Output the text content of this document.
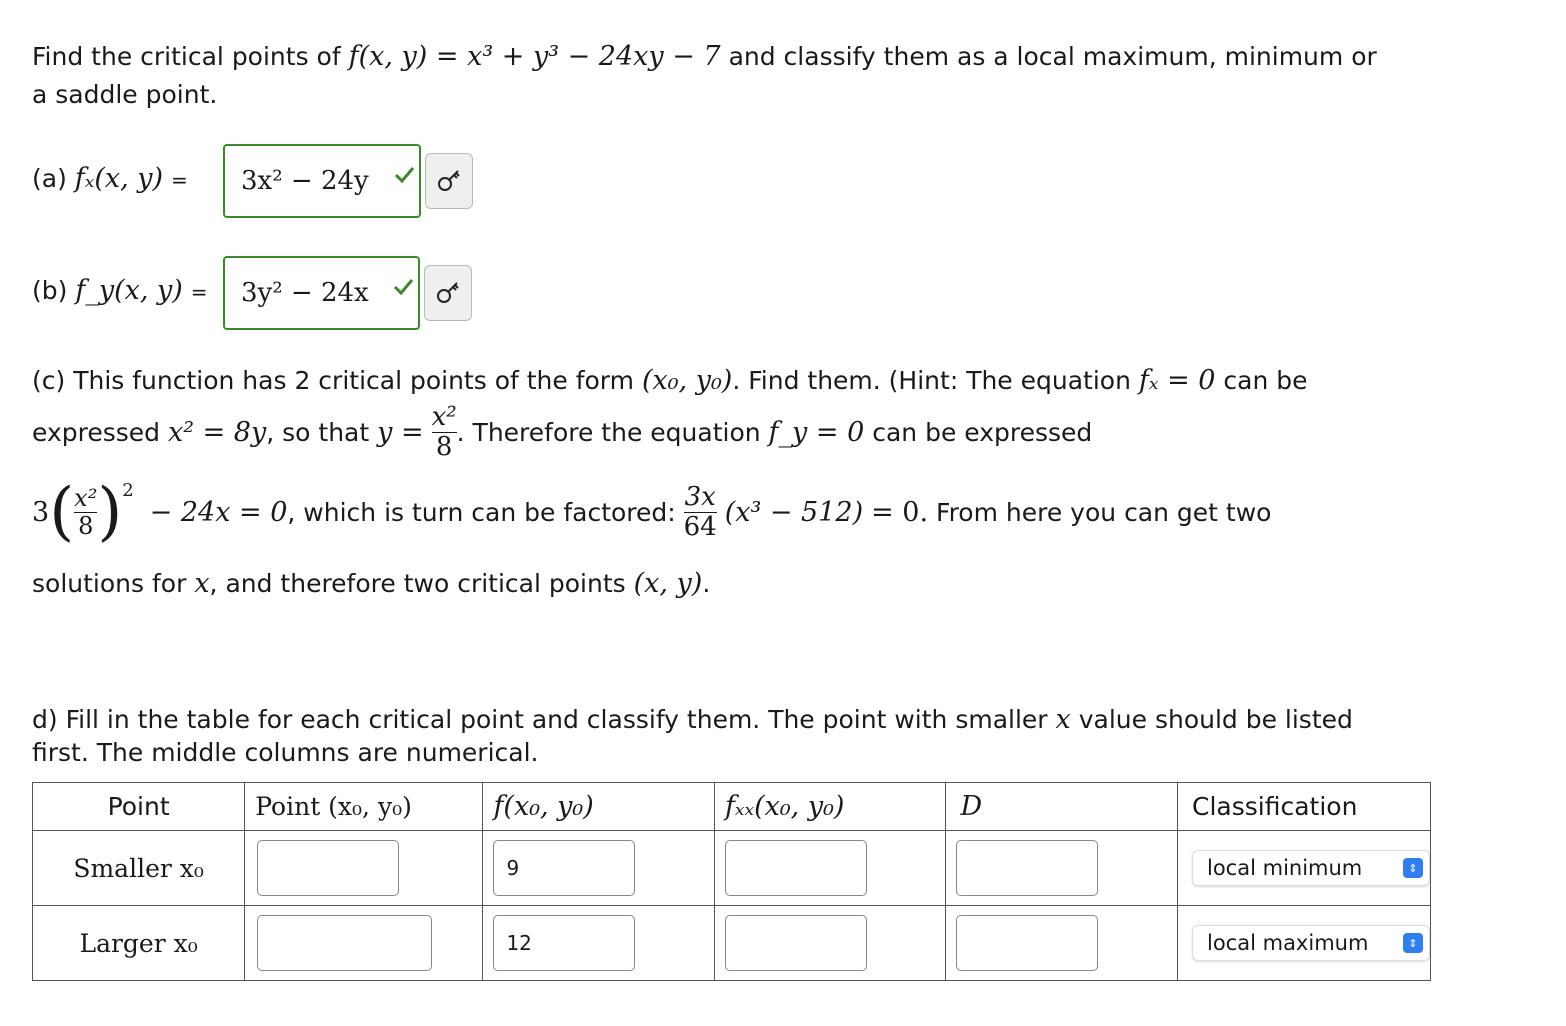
Find the critical points of f(x, y) = x³ + y³ − 24xy − 7 and classify them as a local maximum, minimum or
a saddle point.
(a) fₓ(x, y) = 3x² − 24y
(b) f_y(x, y) = 3y² − 24x
(c) This function has 2 critical points of the form (x₀, y₀). Find them. (Hint: The equation fₓ = 0 can be
expressed
x² = 8y , so that
y =
$\frac{\text{x²}}{8}$ . Therefore the equation
f_y = 0
can be expressed
3 ( $\frac{\text{x²}}{8}$ ) 2

− 24x = 0 , which is turn can be factored:
$\frac{3x}{64}$
(x³ − 512)
= 0.
From here you can get two
solutions for x, and therefore two critical points (x, y).
d) Fill in the table for each critical point and classify them. The point with smaller x value should be listed
first. The middle columns are numerical.
Point	Point (x₀, y₀)	f(x₀, y₀)	fₓₓ(x₀, y₀)	D	Classification
Smaller x₀		9			local minimum ⇕

Larger x₀		12			local maximum ⇕
